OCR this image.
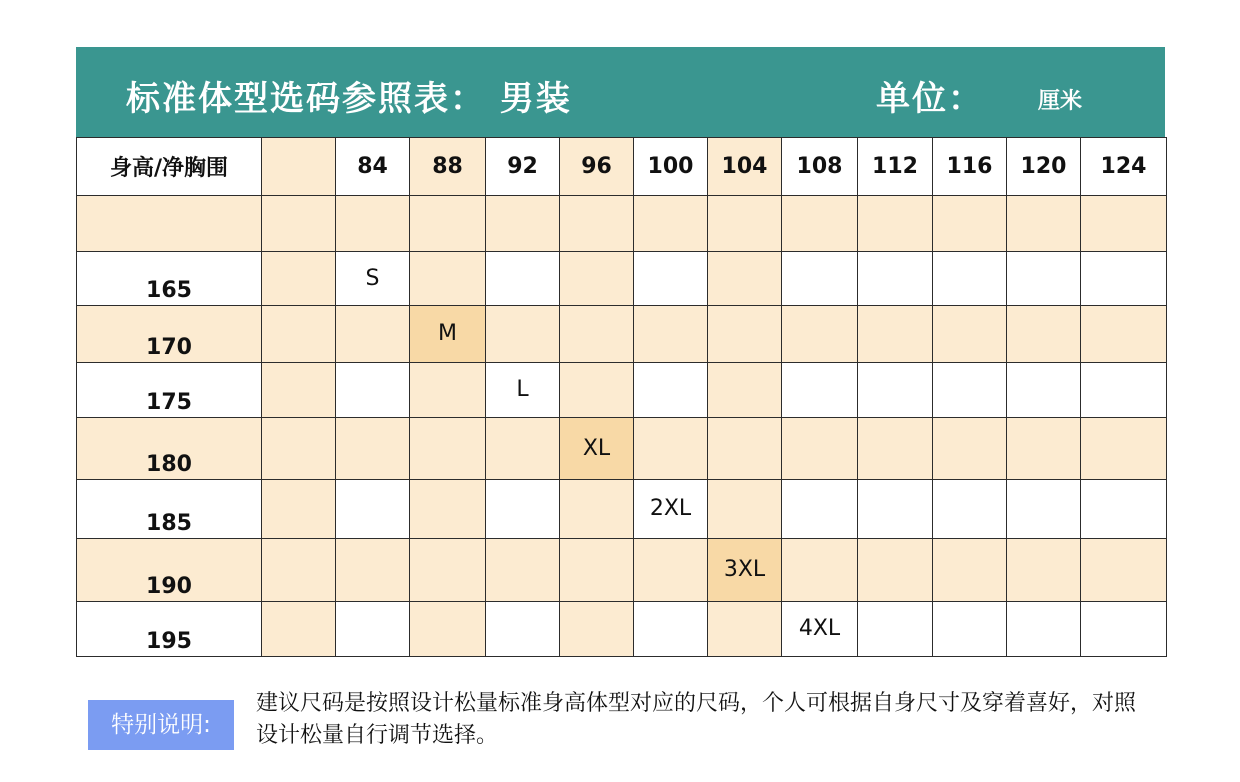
标准体型选码参照表： 男装	单位： 厘米
身高/净胸围		84	88	92	96	100	104	108	112	116	120	124

165		S										
170			M									
175				L								
180					XL							
185						2XL						
190							3XL					
195								4XL				
特别说明:
建议尺码是按照设计松量标准身高体型对应的尺码，个人可根据自身尺寸及穿着喜好，对照设计松量自行调节选择。
